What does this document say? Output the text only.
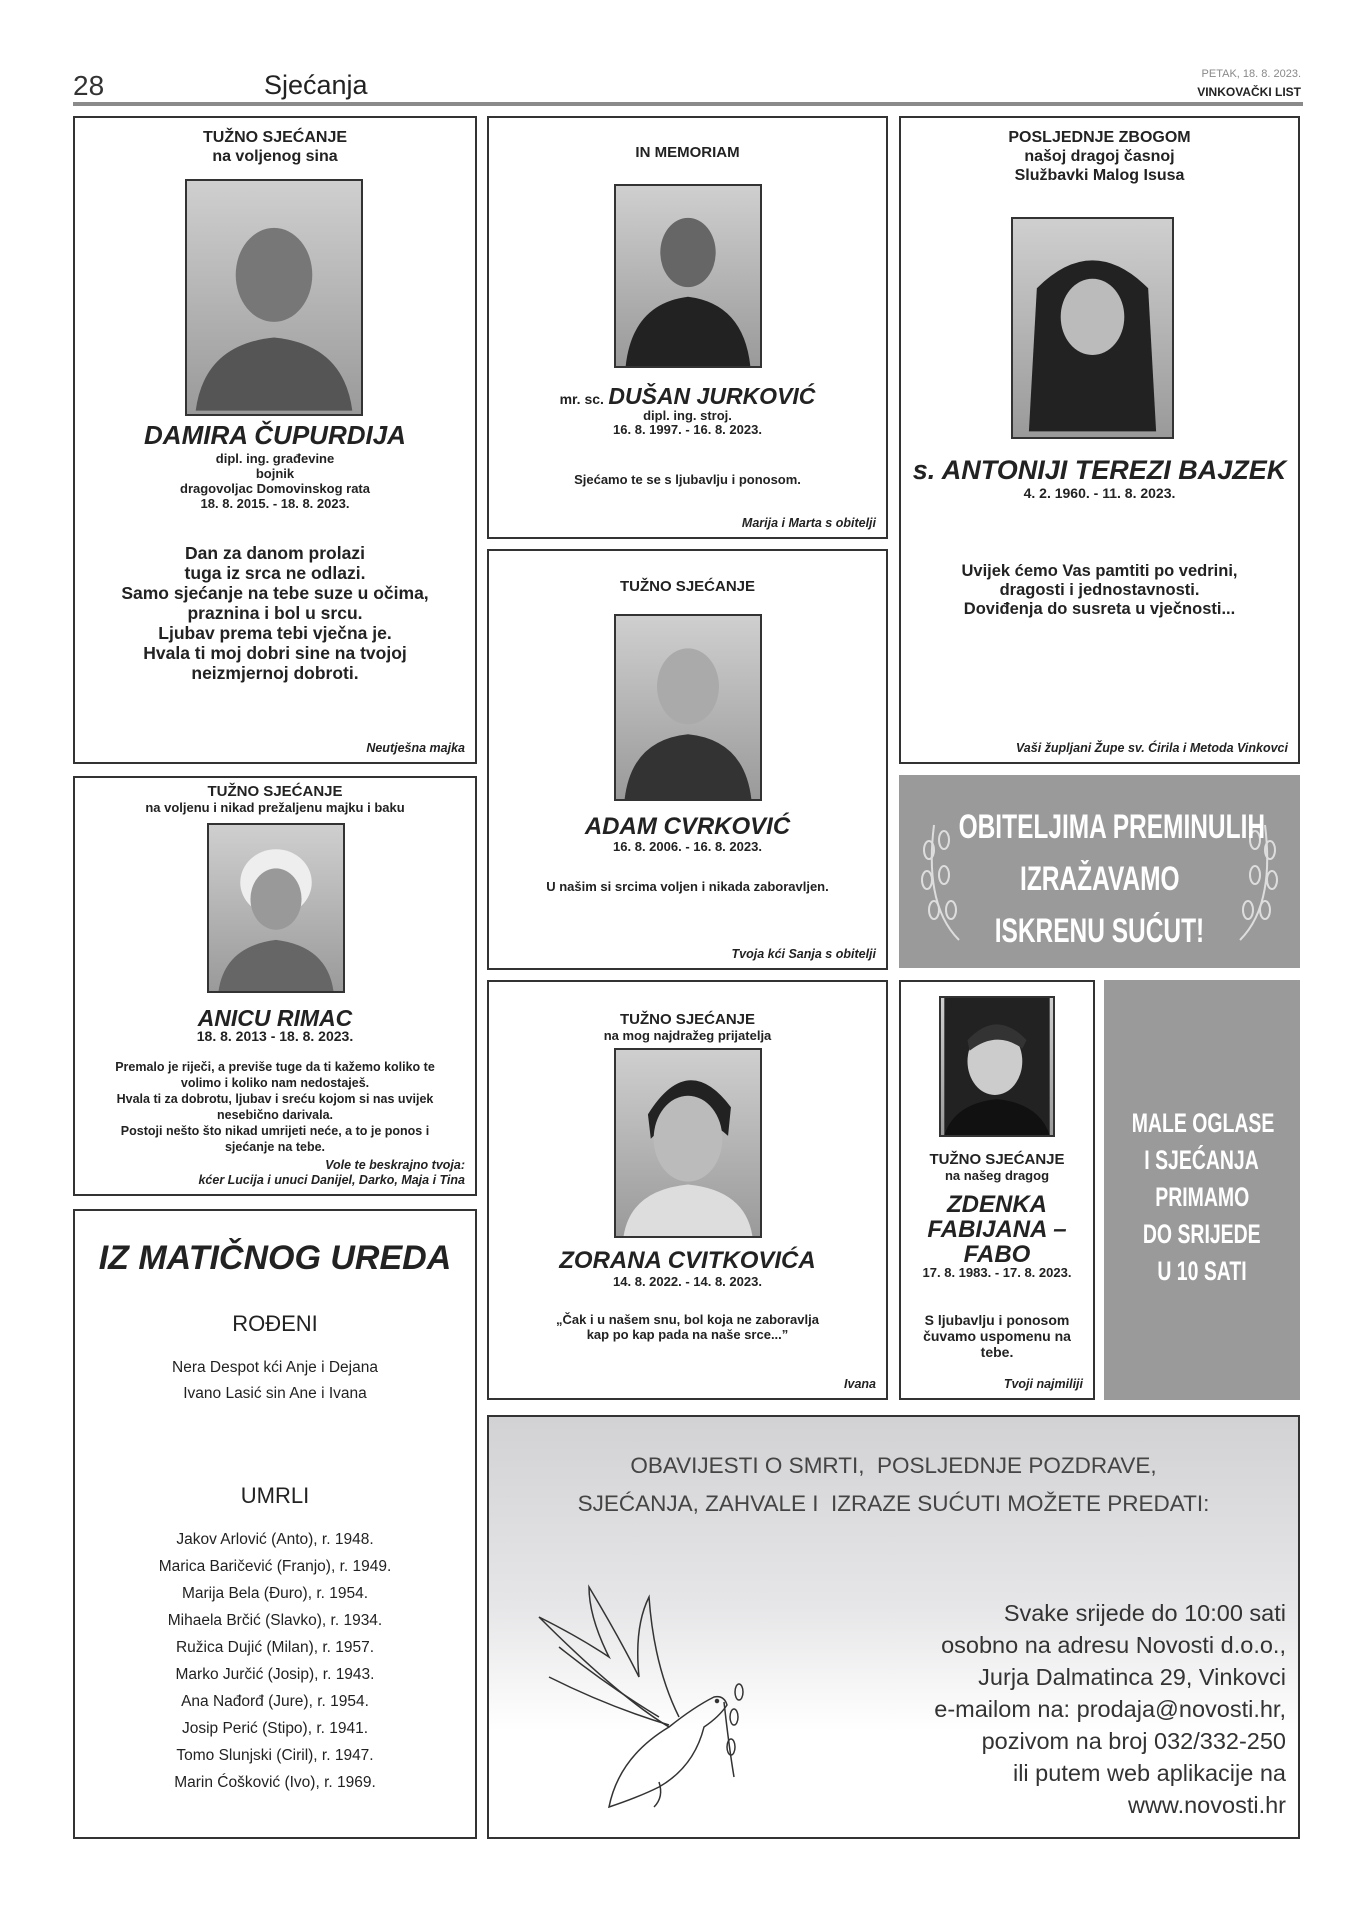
28	Sjećanja	PETAK, 18. 8. 2023.
VINKOVAČKI LIST
TUŽNO SJEĆANJE
na voljenog sina
DAMIRA ČUPURDIJA
dipl. ing. građevine
bojnik
dragovoljac Domovinskog rata
18. 8. 2015. - 18. 8. 2023.
Dan za danom prolazi
tuga iz srca ne odlazi.
Samo sjećanje na tebe suze u očima,
praznina i bol u srcu.
Ljubav prema tebi vječna je.
Hvala ti moj dobri sine na tvojoj
neizmjernoj dobroti.
Neutješna majka
IN MEMORIAM
mr. sc. DUŠAN JURKOVIĆ
dipl. ing. stroj.
16. 8. 1997. - 16. 8. 2023.
Sjećamo te se s ljubavlju i ponosom.
Marija i Marta s obitelji
POSLJEDNJE ZBOGOM
našoj dragoj časnoj
Službavki Malog Isusa
s. ANTONIJI TEREZI BAJZEK
4. 2. 1960. - 11. 8. 2023.
Uvijek ćemo Vas pamtiti po vedrini,
dragosti i jednostavnosti.
Doviđenja do susreta u vječnosti...
Vaši župljani Župe sv. Ćirila i Metoda Vinkovci
TUŽNO SJEĆANJE
ADAM CVRKOVIĆ
16. 8. 2006. - 16. 8. 2023.
U našim si srcima voljen i nikada zaboravljen.
Tvoja kći Sanja s obitelji
OBITELJIMA PREMINULIH
IZRAŽAVAMO
ISKRENU SUĆUT!
TUŽNO SJEĆANJE
na voljenu i nikad prežaljenu majku i baku
ANICU RIMAC
18. 8. 2013 - 18. 8. 2023.
Premalo je riječi, a previše tuge da ti kažemo koliko te
volimo i koliko nam nedostaješ.
Hvala ti za dobrotu, ljubav i sreću kojom si nas uvijek
nesebično darivala.
Postoji nešto što nikad umrijeti neće, a to je ponos i
sjećanje na tebe.
Vole te beskrajno tvoja:
kćer Lucija i unuci Danijel, Darko, Maja i Tina
TUŽNO SJEĆANJE
na mog najdražeg prijatelja
ZORANA CVITKOVIĆA
14. 8. 2022. - 14. 8. 2023.
„Čak i u našem snu, bol koja ne zaboravlja
kap po kap pada na naše srce...”
Ivana
TUŽNO SJEĆANJE
na našeg dragog
ZDENKA
FABIJANA –
FABO
17. 8. 1983. - 17. 8. 2023.
S ljubavlju i ponosom
čuvamo uspomenu na
tebe.
Tvoji najmiliji
MALE OGLASE
I SJEĆANJA
PRIMAMO
DO SRIJEDE
U 10 SATI
IZ MATIČNOG UREDA
ROĐENI
Nera Despot kći Anje i Dejana
Ivano Lasić sin Ane i Ivana
UMRLI
Jakov Arlović (Anto), r. 1948.
Marica Baričević (Franjo), r. 1949.
Marija Bela (Đuro), r. 1954.
Mihaela Brčić (Slavko), r. 1934.
Ružica Dujić (Milan), r. 1957.
Marko Jurčić (Josip), r. 1943.
Ana Nađorđ (Jure), r. 1954.
Josip Perić (Stipo), r. 1941.
Tomo Slunjski (Ciril), r. 1947.
Marin Ćošković (Ivo), r. 1969.
OBAVIJESTI O SMRTI,  POSLJEDNJE POZDRAVE,
SJEĆANJA, ZAHVALE I  IZRAZE SUĆUTI MOŽETE PREDATI:
Svake srijede do 10:00 sati
osobno na adresu Novosti d.o.o.,
Jurja Dalmatinca 29, Vinkovci
e-mailom na: prodaja@novosti.hr,
pozivom na broj 032/332-250
ili putem web aplikacije na
www.novosti.hr
